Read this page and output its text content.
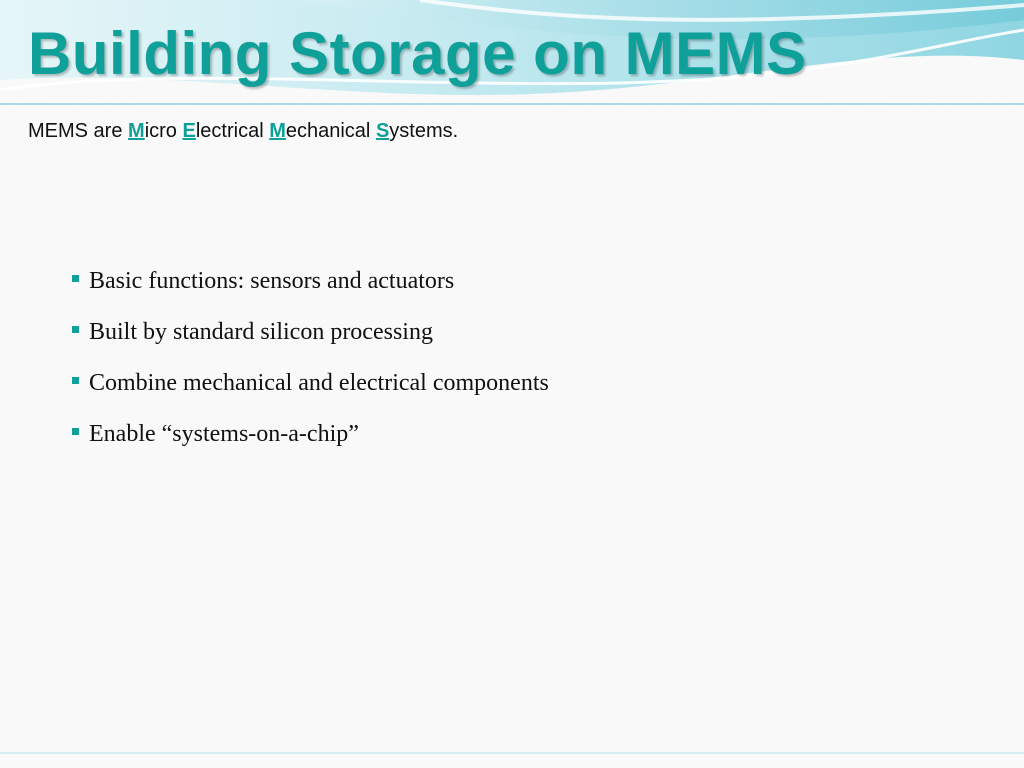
Building Storage on MEMS
MEMS are Micro Electrical Mechanical Systems.
Basic functions: sensors and actuators
Built by standard silicon processing
Combine mechanical and electrical components
Enable “systems-on-a-chip”
